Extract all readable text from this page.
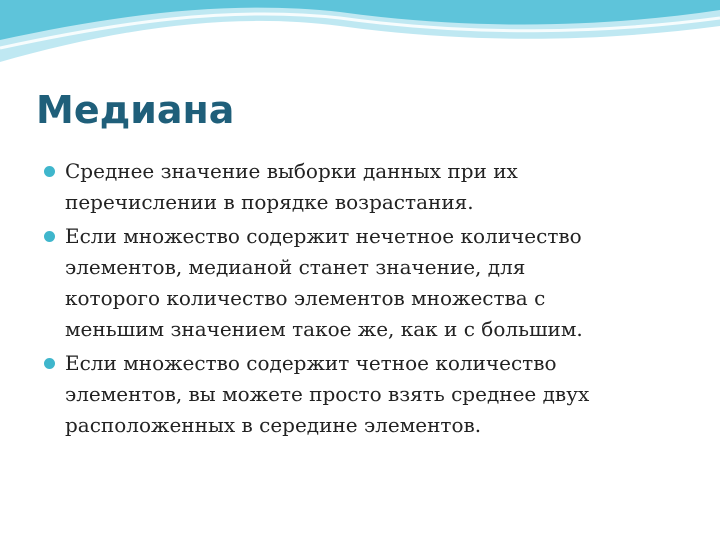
Медиана
Среднее значение выборки данных при их
перечислении в порядке возрастания.
Если множество содержит нечетное количество
элементов, медианой станет значение, для
которого количество элементов множества с
меньшим значением такое же, как и с большим.
Если множество содержит четное количество
элементов, вы можете просто взять среднее двух
расположенных в середине элементов.
